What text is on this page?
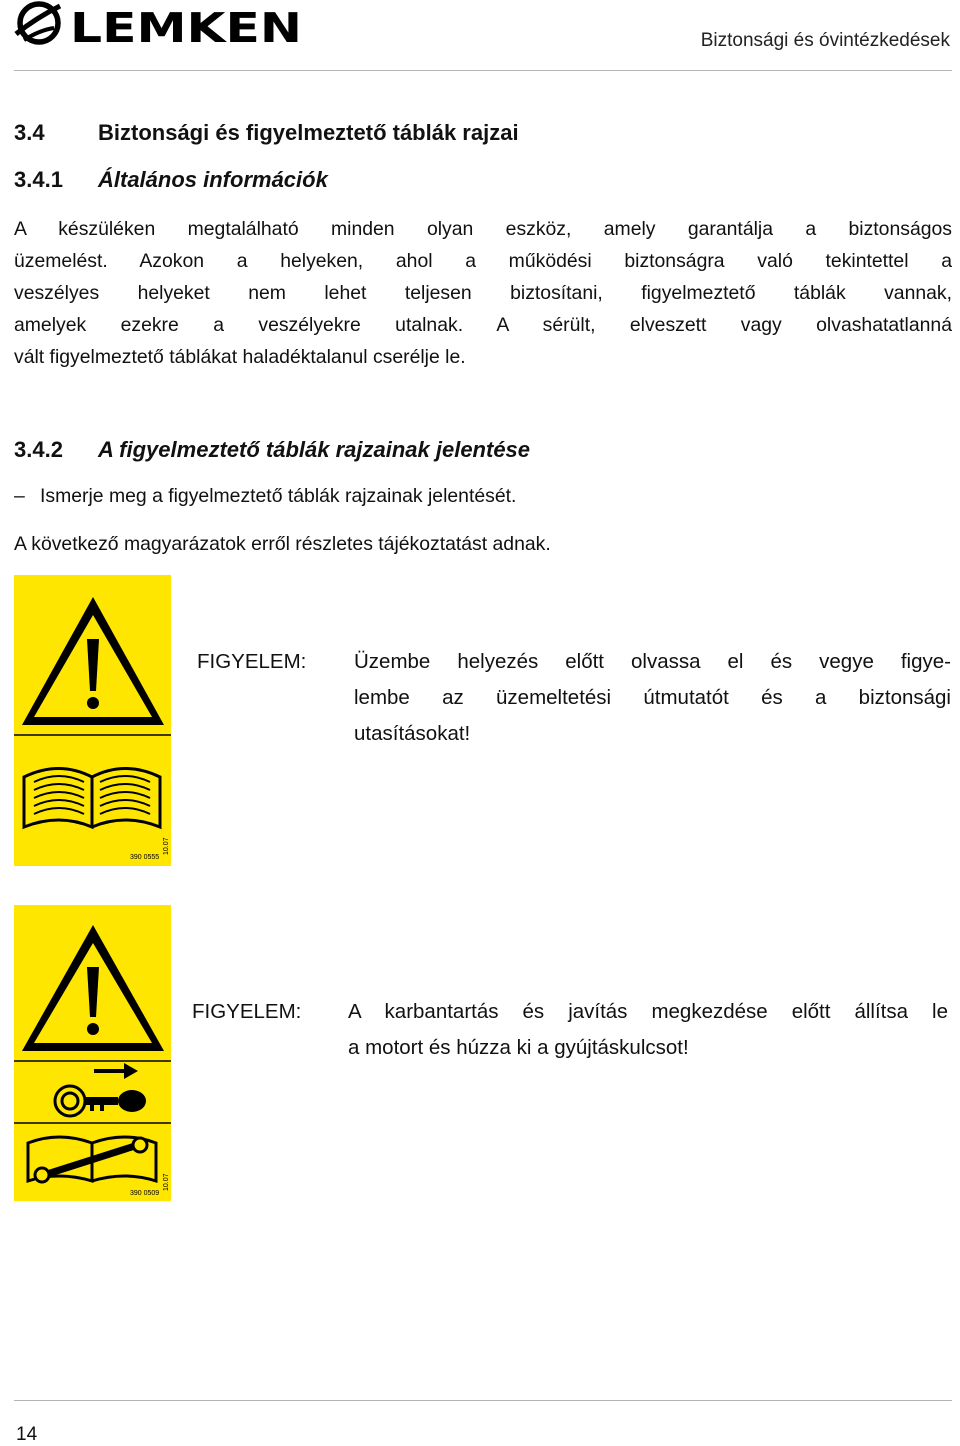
LEMKEN	Biztonsági és óvintézkedések
3.4 Biztonsági és figyelmeztető táblák rajzai
3.4.1 Általános információk
A készüléken megtalálható minden olyan eszköz, amely garantálja a biztonságos
üzemelést. Azokon a helyeken, ahol a működési biztonságra való tekintettel a
veszélyes helyeket nem lehet teljesen biztosítani, figyelmeztető táblák vannak,
amelyek ezekre a veszélyekre utalnak. A sérült, elveszett vagy olvashatatlanná
vált figyelmeztető táblákat haladéktalanul cserélje le.
3.4.2 A figyelmeztető táblák rajzainak jelentése
– Ismerje meg a figyelmeztető táblák rajzainak jelentését.
A következő magyarázatok erről részletes tájékoztatást adnak.
390 0555
10.07
FIGYELEM: Üzembe helyezés előtt olvassa el és vegye figye-
lembe az üzemeltetési útmutatót és a biztonsági
utasításokat!
390 0509
10.07
FIGYELEM: A karbantartás és javítás megkezdése előtt állítsa le
a motort és húzza ki a gyújtáskulcsot!
14
